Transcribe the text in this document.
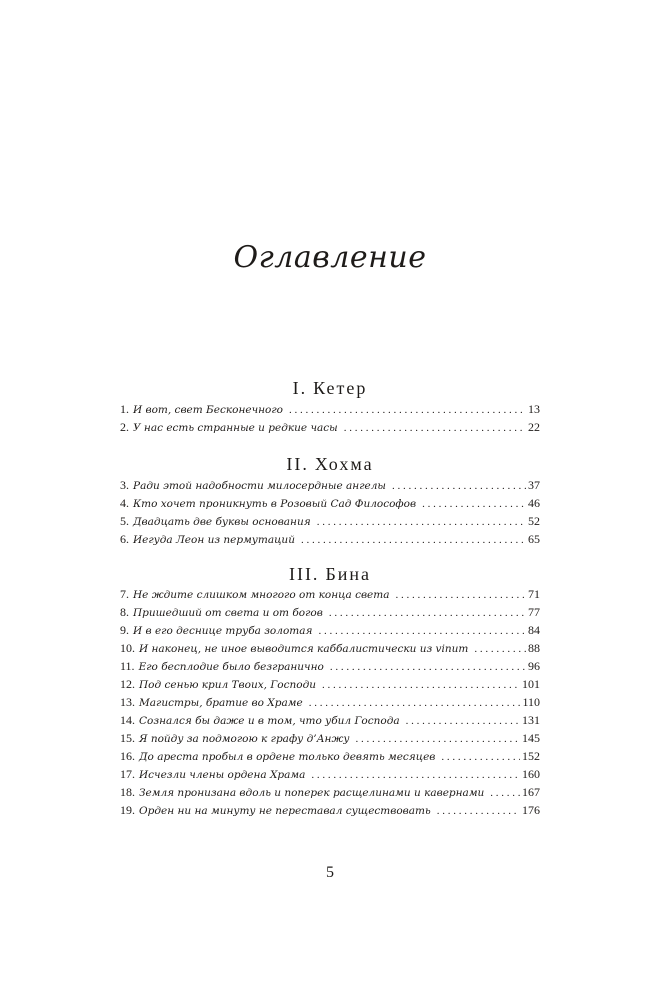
Оглавление
I. Кетер
1. И вот, свет Бесконечного . . .	13
2. У нас есть странные и редкие часы . . .	22
II. Хохма
3. Ради этой надобности милосердные ангелы . . .	37
4. Кто хочет проникнуть в Розовый Сад Философов . . .	46
5. Двадцать две буквы основания . . .	52
6. Иегуда Леон из пермутаций . . .	65
III. Бина
7. Не ждите слишком многого от конца света . . .	71
8. Пришедший от света и от богов . . .	77
9. И в его деснице труба золотая . . .	84
10. И наконец, не иное выводится каббалистически из vinum . . .	88
11. Его бесплодие было безгранично . . .	96
12. Под сенью крил Твоих, Господи . . .	101
13. Магистры, братие во Храме . . .	110
14. Сознался бы даже и в том, что убил Господа . . .	131
15. Я пойду за подмогою к графу д’Анжу . . .	145
16. До ареста пробыл в ордене только девять месяцев . . .	152
17. Исчезли члены ордена Храма . . .	160
18. Земля пронизана вдоль и поперек расщелинами и кавернами . . .	167
19. Орден ни на минуту не переставал существовать . . .	176
5
